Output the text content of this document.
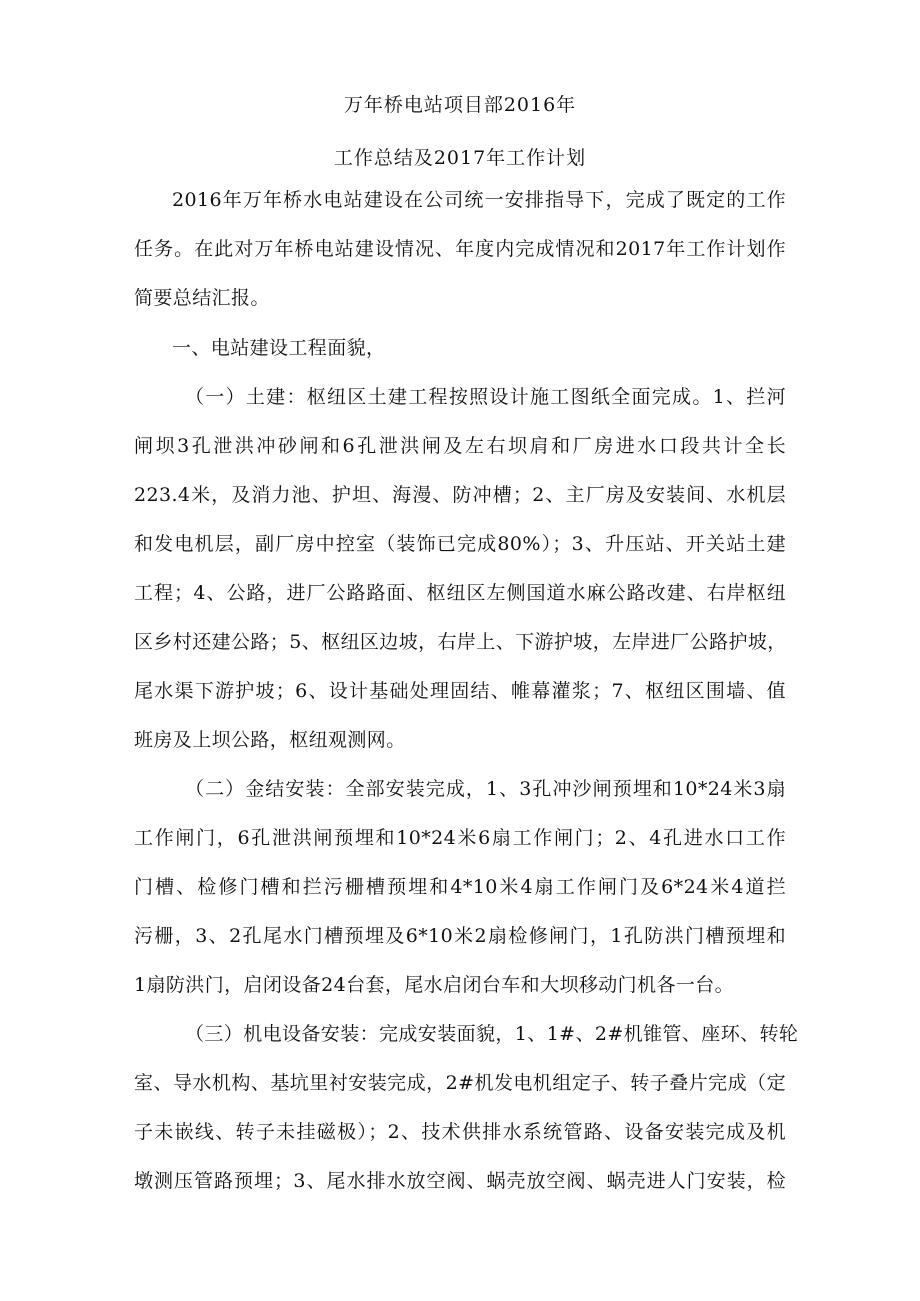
万年桥电站项目部2016年
工作总结及2017年工作计划
2016年万年桥水电站建设在公司统一安排指导下，完成了既定的工作
任务。在此对万年桥电站建设情况、年度内完成情况和2017年工作计划作
简要总结汇报。
一、电站建设工程面貌，
（一）土建：枢纽区土建工程按照设计施工图纸全面完成。1、拦河
闸坝3孔泄洪冲砂闸和6孔泄洪闸及左右坝肩和厂房进水口段共计全长
223.4米，及消力池、护坦、海漫、防冲槽；2、主厂房及安装间、水机层
和发电机层，副厂房中控室（装饰已完成80%）；3、升压站、开关站土建
工程；4、公路，进厂公路路面、枢纽区左侧国道水麻公路改建、右岸枢纽
区乡村还建公路；5、枢纽区边坡，右岸上、下游护坡，左岸进厂公路护坡，
尾水渠下游护坡；6、设计基础处理固结、帷幕灌浆；7、枢纽区围墙、值
班房及上坝公路，枢纽观测网。
（二）金结安装：全部安装完成，1、3孔冲沙闸预埋和10*24米3扇
工作闸门，6孔泄洪闸预埋和10*24米6扇工作闸门；2、4孔进水口工作
门槽、检修门槽和拦污栅槽预埋和4*10米4扇工作闸门及6*24米4道拦
污栅，3、2孔尾水门槽预埋及6*10米2扇检修闸门，1孔防洪门槽预埋和
1扇防洪门，启闭设备24台套，尾水启闭台车和大坝移动门机各一台。
（三）机电设备安装：完成安装面貌，1、1#、2#机锥管、座环、转轮
室、导水机构、基坑里衬安装完成，2#机发电机组定子、转子叠片完成（定
子未嵌线、转子未挂磁极）；2、技术供排水系统管路、设备安装完成及机
墩测压管路预埋；3、尾水排水放空阀、蜗壳放空阀、蜗壳进人门安装，检
